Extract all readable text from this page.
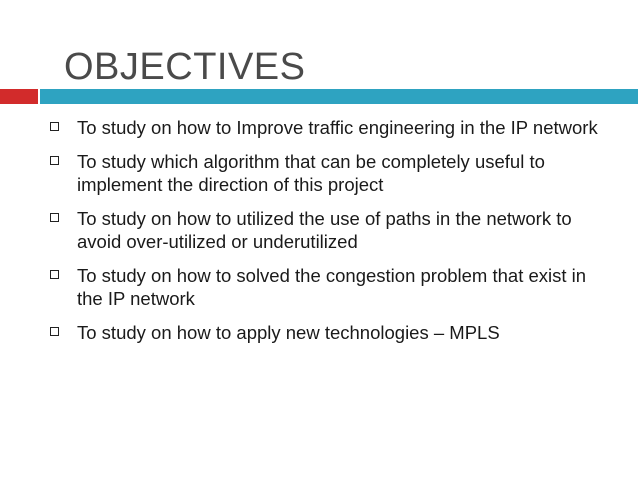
OBJECTIVES
To study on how to Improve traffic engineering in the IP network
To study which algorithm that can be completely useful to implement the direction of this project
To study on how to utilized the use of paths in the network to avoid over-utilized or underutilized
To study on how to solved the congestion problem that exist in the IP network
To study on how to apply new technologies – MPLS
